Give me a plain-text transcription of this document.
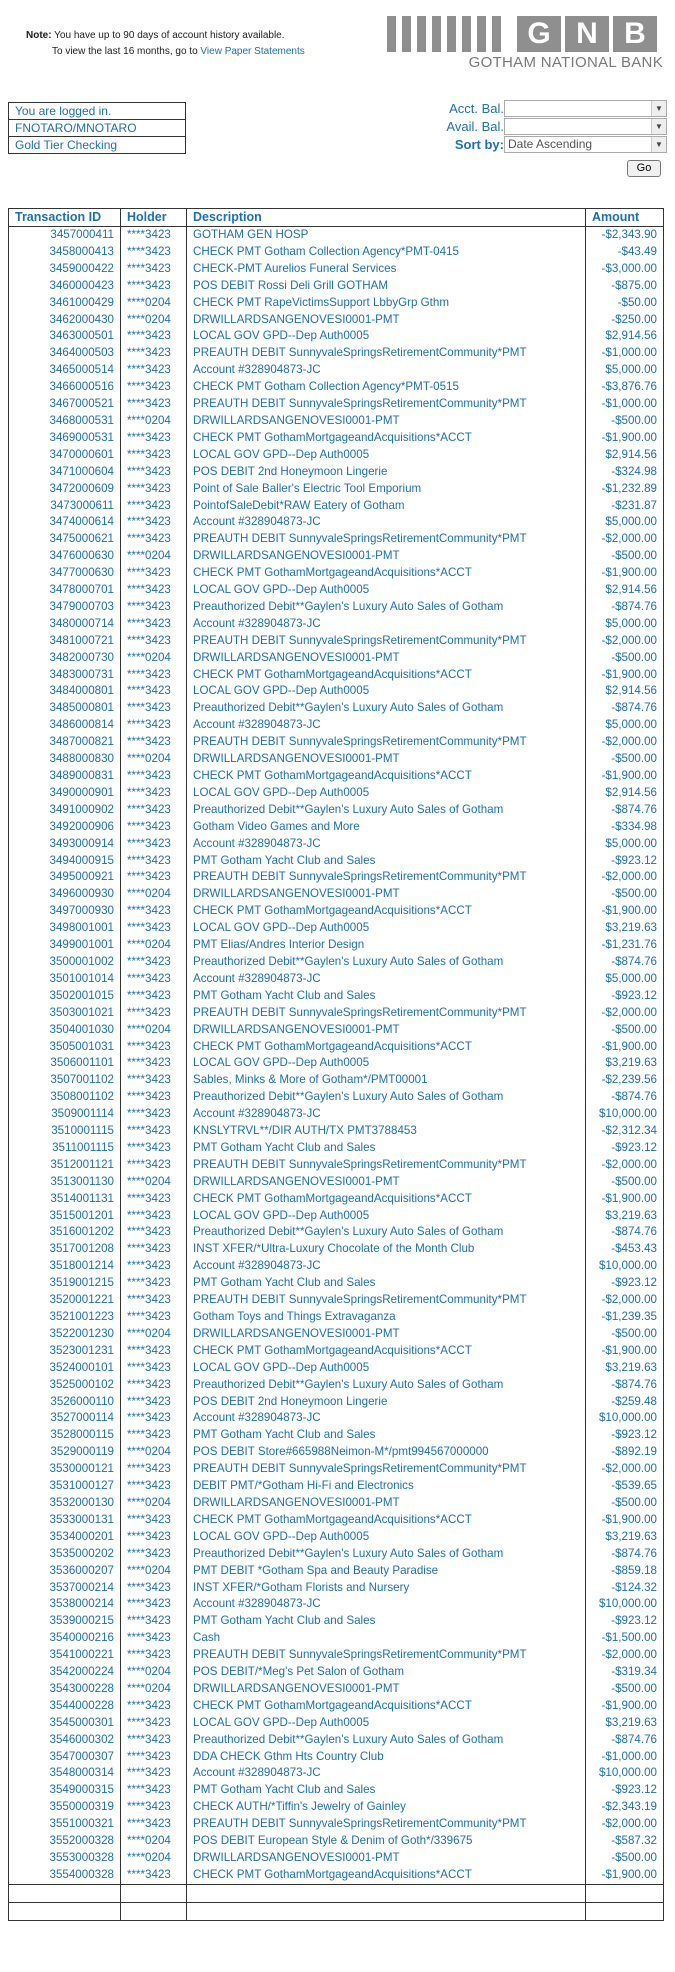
Note: You have up to 90 days of account history available.
To view the last 16 months, go to View Paper Statements
G N B
GOTHAM NATIONAL BANK
You are logged in.
FNOTARO/MNOTARO
Gold Tier Checking
Acct. Bal.	▼
Avail. Bal.	▼
Sort by: Date Ascending	▼
Go
Transaction ID	Holder	Description	Amount
3457000411	****3423	GOTHAM GEN HOSP	-$2,343.90
3458000413	****3423	CHECK PMT Gotham Collection Agency*PMT-0415	-$43.49
3459000422	****3423	CHECK-PMT Aurelios Funeral Services	-$3,000.00
3460000423	****3423	POS DEBIT Rossi Deli Grill GOTHAM	-$875.00
3461000429	****0204	CHECK PMT RapeVictimsSupport LbbyGrp Gthm	-$50.00
3462000430	****0204	DRWILLARDSANGENOVESI0001-PMT	-$250.00
3463000501	****3423	LOCAL GOV GPD--Dep Auth0005	$2,914.56
3464000503	****3423	PREAUTH DEBIT SunnyvaleSpringsRetirementCommunity*PMT	-$1,000.00
3465000514	****3423	Account #328904873-JC	$5,000.00
3466000516	****3423	CHECK PMT Gotham Collection Agency*PMT-0515	-$3,876.76
3467000521	****3423	PREAUTH DEBIT SunnyvaleSpringsRetirementCommunity*PMT	-$1,000.00
3468000531	****0204	DRWILLARDSANGENOVESI0001-PMT	-$500.00
3469000531	****3423	CHECK PMT GothamMortgageandAcquisitions*ACCT	-$1,900.00
3470000601	****3423	LOCAL GOV GPD--Dep Auth0005	$2,914.56
3471000604	****3423	POS DEBIT 2nd Honeymoon Lingerie	-$324.98
3472000609	****3423	Point of Sale Baller's Electric Tool Emporium	-$1,232.89
3473000611	****3423	PointofSaleDebit*RAW Eatery of Gotham	-$231.87
3474000614	****3423	Account #328904873-JC	$5,000.00
3475000621	****3423	PREAUTH DEBIT SunnyvaleSpringsRetirementCommunity*PMT	-$2,000.00
3476000630	****0204	DRWILLARDSANGENOVESI0001-PMT	-$500.00
3477000630	****3423	CHECK PMT GothamMortgageandAcquisitions*ACCT	-$1,900.00
3478000701	****3423	LOCAL GOV GPD--Dep Auth0005	$2,914.56
3479000703	****3423	Preauthorized Debit**Gaylen's Luxury Auto Sales of Gotham	-$874.76
3480000714	****3423	Account #328904873-JC	$5,000.00
3481000721	****3423	PREAUTH DEBIT SunnyvaleSpringsRetirementCommunity*PMT	-$2,000.00
3482000730	****0204	DRWILLARDSANGENOVESI0001-PMT	-$500.00
3483000731	****3423	CHECK PMT GothamMortgageandAcquisitions*ACCT	-$1,900.00
3484000801	****3423	LOCAL GOV GPD--Dep Auth0005	$2,914.56
3485000801	****3423	Preauthorized Debit**Gaylen's Luxury Auto Sales of Gotham	-$874.76
3486000814	****3423	Account #328904873-JC	$5,000.00
3487000821	****3423	PREAUTH DEBIT SunnyvaleSpringsRetirementCommunity*PMT	-$2,000.00
3488000830	****0204	DRWILLARDSANGENOVESI0001-PMT	-$500.00
3489000831	****3423	CHECK PMT GothamMortgageandAcquisitions*ACCT	-$1,900.00
3490000901	****3423	LOCAL GOV GPD--Dep Auth0005	$2,914.56
3491000902	****3423	Preauthorized Debit**Gaylen's Luxury Auto Sales of Gotham	-$874.76
3492000906	****3423	Gotham Video Games and More	-$334.98
3493000914	****3423	Account #328904873-JC	$5,000.00
3494000915	****3423	PMT Gotham Yacht Club and Sales	-$923.12
3495000921	****3423	PREAUTH DEBIT SunnyvaleSpringsRetirementCommunity*PMT	-$2,000.00
3496000930	****0204	DRWILLARDSANGENOVESI0001-PMT	-$500.00
3497000930	****3423	CHECK PMT GothamMortgageandAcquisitions*ACCT	-$1,900.00
3498001001	****3423	LOCAL GOV GPD--Dep Auth0005	$3,219.63
3499001001	****0204	PMT Elias/Andres Interior Design	-$1,231.76
3500001002	****3423	Preauthorized Debit**Gaylen's Luxury Auto Sales of Gotham	-$874.76
3501001014	****3423	Account #328904873-JC	$5,000.00
3502001015	****3423	PMT Gotham Yacht Club and Sales	-$923.12
3503001021	****3423	PREAUTH DEBIT SunnyvaleSpringsRetirementCommunity*PMT	-$2,000.00
3504001030	****0204	DRWILLARDSANGENOVESI0001-PMT	-$500.00
3505001031	****3423	CHECK PMT GothamMortgageandAcquisitions*ACCT	-$1,900.00
3506001101	****3423	LOCAL GOV GPD--Dep Auth0005	$3,219.63
3507001102	****3423	Sables, Minks & More of Gotham*/PMT00001	-$2,239.56
3508001102	****3423	Preauthorized Debit**Gaylen's Luxury Auto Sales of Gotham	-$874.76
3509001114	****3423	Account #328904873-JC	$10,000.00
3510001115	****3423	KNSLYTRVL**/DIR AUTH/TX PMT3788453	-$2,312.34
3511001115	****3423	PMT Gotham Yacht Club and Sales	-$923.12
3512001121	****3423	PREAUTH DEBIT SunnyvaleSpringsRetirementCommunity*PMT	-$2,000.00
3513001130	****0204	DRWILLARDSANGENOVESI0001-PMT	-$500.00
3514001131	****3423	CHECK PMT GothamMortgageandAcquisitions*ACCT	-$1,900.00
3515001201	****3423	LOCAL GOV GPD--Dep Auth0005	$3,219.63
3516001202	****3423	Preauthorized Debit**Gaylen's Luxury Auto Sales of Gotham	-$874.76
3517001208	****3423	INST XFER/*Ultra-Luxury Chocolate of the Month Club	-$453.43
3518001214	****3423	Account #328904873-JC	$10,000.00
3519001215	****3423	PMT Gotham Yacht Club and Sales	-$923.12
3520001221	****3423	PREAUTH DEBIT SunnyvaleSpringsRetirementCommunity*PMT	-$2,000.00
3521001223	****3423	Gotham Toys and Things Extravaganza	-$1,239.35
3522001230	****0204	DRWILLARDSANGENOVESI0001-PMT	-$500.00
3523001231	****3423	CHECK PMT GothamMortgageandAcquisitions*ACCT	-$1,900.00
3524000101	****3423	LOCAL GOV GPD--Dep Auth0005	$3,219.63
3525000102	****3423	Preauthorized Debit**Gaylen's Luxury Auto Sales of Gotham	-$874.76
3526000110	****3423	POS DEBIT 2nd Honeymoon Lingerie	-$259.48
3527000114	****3423	Account #328904873-JC	$10,000.00
3528000115	****3423	PMT Gotham Yacht Club and Sales	-$923.12
3529000119	****0204	POS DEBIT Store#665988Neimon-M*/pmt994567000000	-$892.19
3530000121	****3423	PREAUTH DEBIT SunnyvaleSpringsRetirementCommunity*PMT	-$2,000.00
3531000127	****3423	DEBIT PMT/*Gotham Hi-Fi and Electronics	-$539.65
3532000130	****0204	DRWILLARDSANGENOVESI0001-PMT	-$500.00
3533000131	****3423	CHECK PMT GothamMortgageandAcquisitions*ACCT	-$1,900.00
3534000201	****3423	LOCAL GOV GPD--Dep Auth0005	$3,219.63
3535000202	****3423	Preauthorized Debit**Gaylen's Luxury Auto Sales of Gotham	-$874.76
3536000207	****0204	PMT DEBIT *Gotham Spa and Beauty Paradise	-$859.18
3537000214	****3423	INST XFER/*Gotham Florists and Nursery	-$124.32
3538000214	****3423	Account #328904873-JC	$10,000.00
3539000215	****3423	PMT Gotham Yacht Club and Sales	-$923.12
3540000216	****3423	Cash	-$1,500.00
3541000221	****3423	PREAUTH DEBIT SunnyvaleSpringsRetirementCommunity*PMT	-$2,000.00
3542000224	****0204	POS DEBIT/*Meg's Pet Salon of Gotham	-$319.34
3543000228	****0204	DRWILLARDSANGENOVESI0001-PMT	-$500.00
3544000228	****3423	CHECK PMT GothamMortgageandAcquisitions*ACCT	-$1,900.00
3545000301	****3423	LOCAL GOV GPD--Dep Auth0005	$3,219.63
3546000302	****3423	Preauthorized Debit**Gaylen's Luxury Auto Sales of Gotham	-$874.76
3547000307	****3423	DDA CHECK Gthm Hts Country Club	-$1,000.00
3548000314	****3423	Account #328904873-JC	$10,000.00
3549000315	****3423	PMT Gotham Yacht Club and Sales	-$923.12
3550000319	****3423	CHECK AUTH/*Tiffin's Jewelry of Gainley	-$2,343.19
3551000321	****3423	PREAUTH DEBIT SunnyvaleSpringsRetirementCommunity*PMT	-$2,000.00
3552000328	****0204	POS DEBIT European Style & Denim of Goth*/339675	-$587.32
3553000328	****0204	DRWILLARDSANGENOVESI0001-PMT	-$500.00
3554000328	****3423	CHECK PMT GothamMortgageandAcquisitions*ACCT	-$1,900.00
